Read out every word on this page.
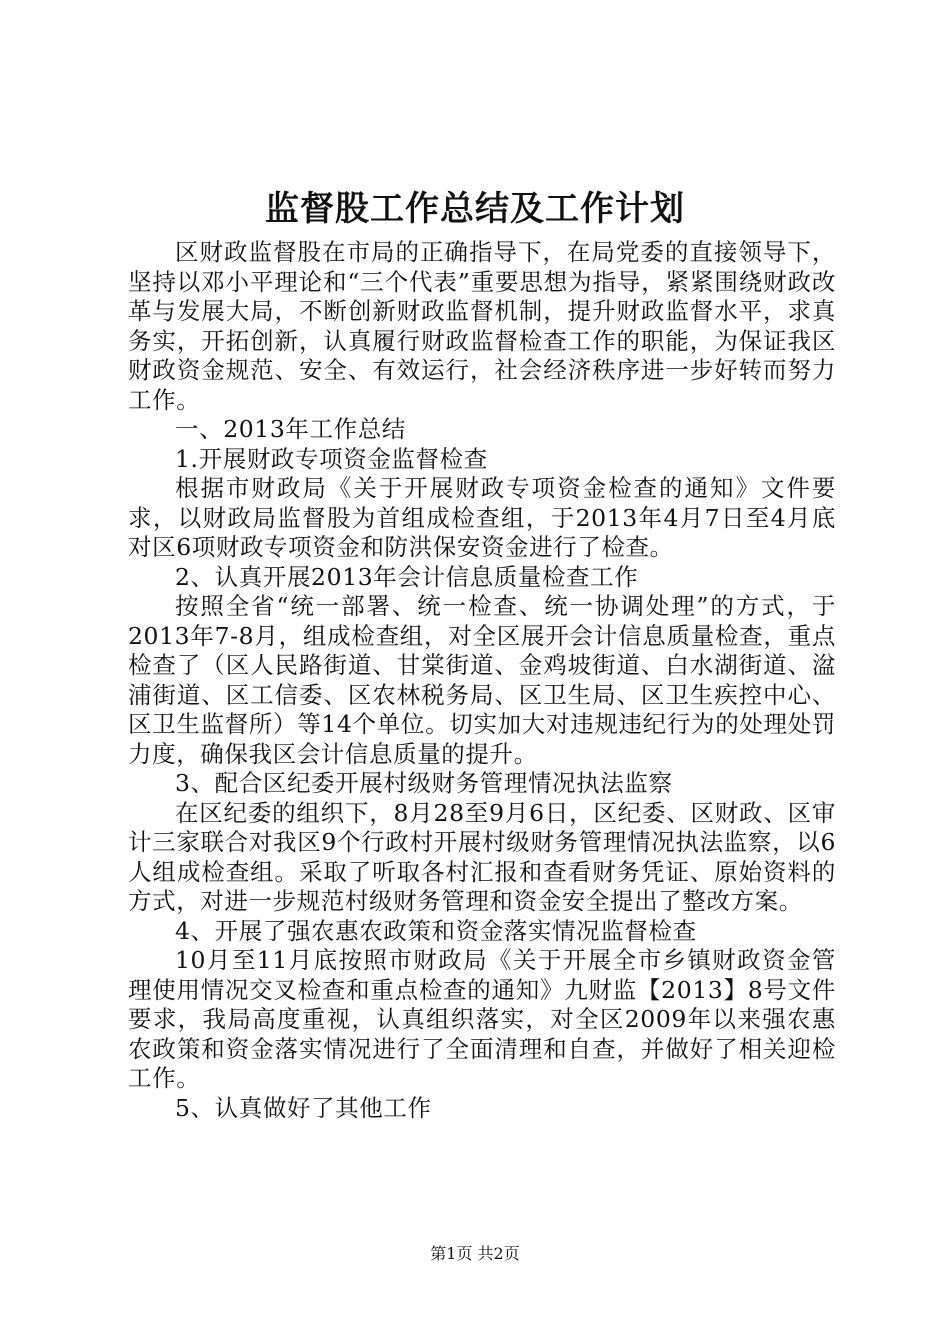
监督股工作总结及工作计划

区财政监督股在市局的正确指导下，在局党委的直接领导下，坚持以邓小平理论和“三个代表”重要思想为指导，紧紧围绕财政改革与发展大局，不断创新财政监督机制，提升财政监督水平，求真务实，开拓创新，认真履行财政监督检查工作的职能，为保证我区财政资金规范、安全、有效运行，社会经济秩序进一步好转而努力工作。

一、2013年工作总结

1.开展财政专项资金监督检查

根据市财政局《关于开展财政专项资金检查的通知》文件要求，以财政局监督股为首组成检查组，于2013年4月7日至4月底对区6项财政专项资金和防洪保安资金进行了检查。

2、认真开展2013年会计信息质量检查工作

按照全省“统一部署、统一检查、统一协调处理”的方式，于2013年7-8月，组成检查组，对全区展开会计信息质量检查，重点检查了（区人民路街道、甘棠街道、金鸡坡街道、白水湖街道、湓浦街道、区工信委、区农林税务局、区卫生局、区卫生疾控中心、区卫生监督所）等14个单位。切实加大对违规违纪行为的处理处罚力度，确保我区会计信息质量的提升。

3、配合区纪委开展村级财务管理情况执法监察

在区纪委的组织下，8月28至9月6日，区纪委、区财政、区审计三家联合对我区9个行政村开展村级财务管理情况执法监察，以6人组成检查组。采取了听取各村汇报和查看财务凭证、原始资料的方式，对进一步规范村级财务管理和资金安全提出了整改方案。

4、开展了强农惠农政策和资金落实情况监督检查

10月至11月底按照市财政局《关于开展全市乡镇财政资金管理使用情况交叉检查和重点检查的通知》九财监【2013】8号文件要求，我局高度重视，认真组织落实，对全区2009年以来强农惠农政策和资金落实情况进行了全面清理和自查，并做好了相关迎检工作。

5、认真做好了其他工作

第1页 共2页
